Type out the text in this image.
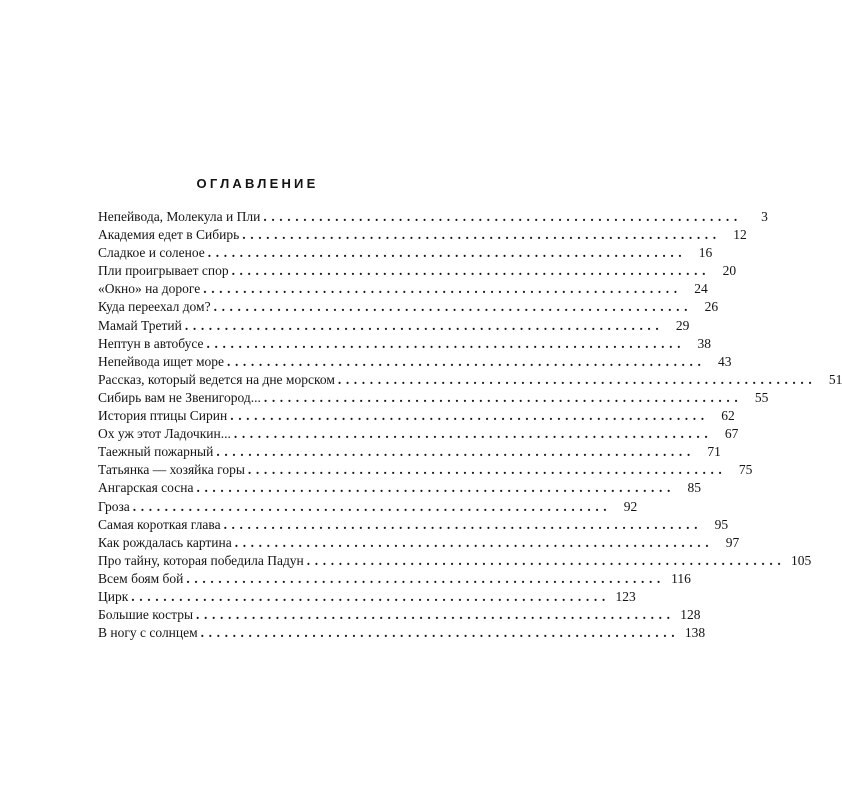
ОГЛАВЛЕНИЕ
Непейвода, Молекула и Пли ............................................................	3
Академия едет в Сибирь ............................................................ 12
Сладкое и соленое ............................................................ 16
Пли проигрывает спор ............................................................ 20
«Окно» на дороге ............................................................ 24
Куда переехал дом? ............................................................ 26
Мамай Третий ............................................................ 29
Нептун в автобусе ............................................................ 38
Непейвода ищет море ............................................................ 43
Рассказ, который ведется на дне морском ............................................................ 51
Сибирь вам не Звенигород... ............................................................ 55
История птицы Сирин ............................................................ 62
Ох уж этот Ладочкин... ............................................................ 67
Таежный пожарный ............................................................ 71
Татьянка — хозяйка горы ............................................................ 75
Ангарская сосна ............................................................ 85
Гроза ............................................................ 92
Самая короткая глава ............................................................ 95
Как рождалась картина ............................................................ 97
Про тайну, которая победила Падун ............................................................ 105
Всем боям бой ............................................................ 116
Цирк ............................................................ 123
Большие костры ............................................................ 128
В ногу с солнцем ............................................................ 138
